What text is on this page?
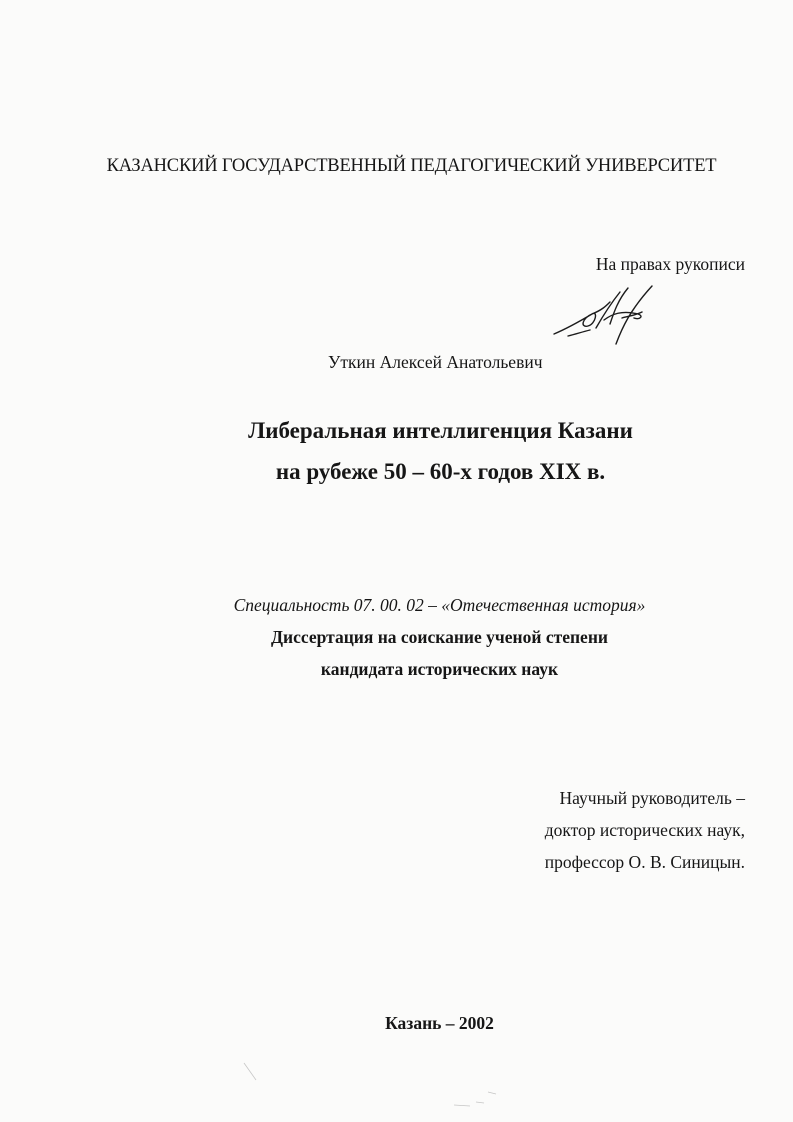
КАЗАНСКИЙ ГОСУДАРСТВЕННЫЙ ПЕДАГОГИЧЕСКИЙ УНИВЕРСИТЕТ
На правах рукописи
Уткин Алексей Анатольевич
Либеральная интеллигенция Казани
на рубеже 50 – 60-х годов XIX в.
Специальность 07. 00. 02 – «Отечественная история»
Диссертация на соискание ученой степени
кандидата исторических наук
Научный руководитель –
доктор исторических наук,
профессор О. В. Синицын.
Казань – 2002
